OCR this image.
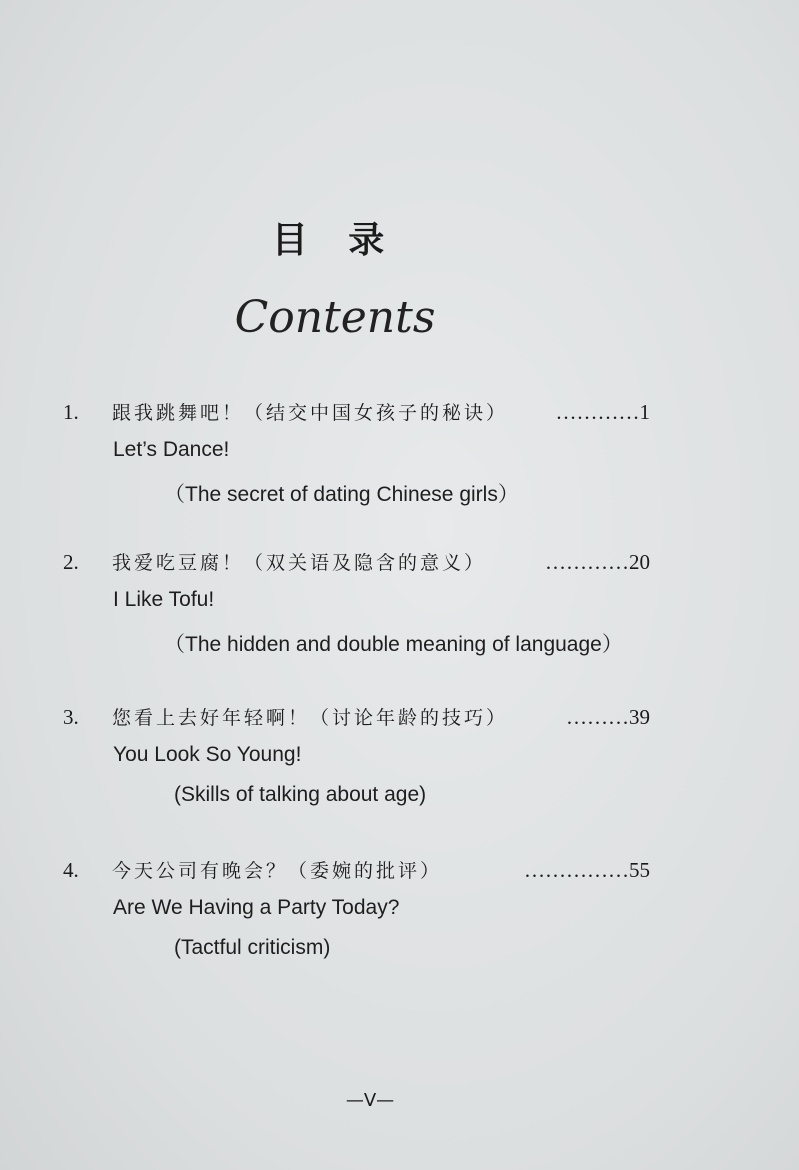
目 录
Contents
1. 跟我跳舞吧！（结交中国女孩子的秘诀） …………1
Let’s Dance!
（The secret of dating Chinese girls）
2. 我爱吃豆腐！（双关语及隐含的意义）	…………20
I Like Tofu!
（The hidden and double meaning of language）
3. 您看上去好年轻啊！（讨论年龄的技巧）	………39
You Look So Young!
(Skills of talking about age)
4. 今天公司有晚会？（委婉的批评）	……………55
Are We Having a Party Today?
(Tactful criticism)
—V—
